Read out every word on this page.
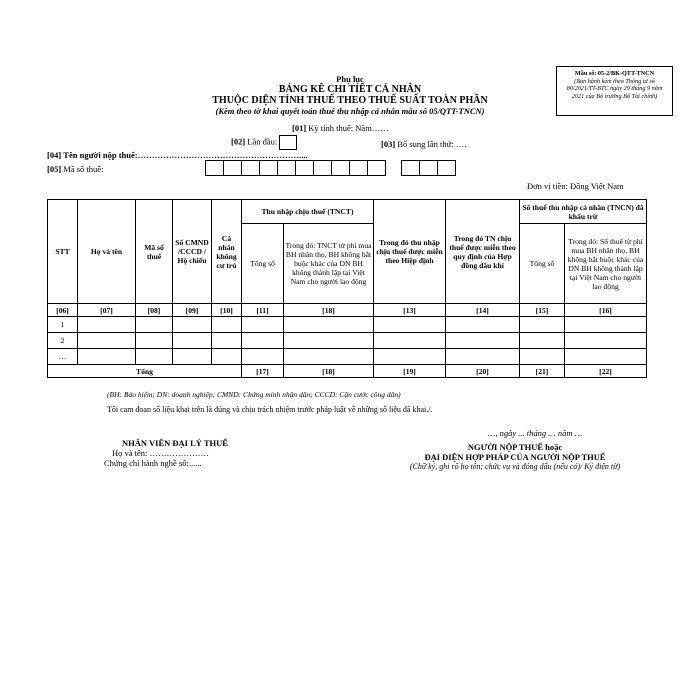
Mẫu số: 05-2/BK-QTT-TNCN
(Ban hành kèm theo Thông tư số
80/2021/TT-BTC ngày 29 tháng 9 năm
2021 của Bộ trưởng Bộ Tài chính)
Phụ lục
BẢNG KÊ CHI TIẾT CÁ NHÂN
THUỘC DIỆN TÍNH THUẾ THEO THUẾ SUẤT TOÀN PHẦN
(Kèm theo tờ khai quyết toán thuế thu nhập cá nhân mẫu số 05/QTT-TNCN)
[01] Kỳ tính thuế: Năm……
[02] Lần đầu:	[03] Bổ sung lần thứ: ….
[04] Tên người nộp thuế:…………………………………………………....
[05] Mã số thuế:
Đơn vị tiền: Đồng Việt Nam
STT	Họ và tên	Mã số thuế	Số CMND /CCCD / Hộ chiếu	Cá nhân không cư trú	Thu nhập chịu thuế (TNCT)		Trong đó thu nhập chịu thuế được miễn theo Hiệp định	Trong đó TN chịu thuế được miễn theo quy định của Hợp đồng dầu khí	Số thuế thu nhập cá nhân (TNCN) đã khấu trừ	
					Tổng số	Trong đó: TNCT từ phí mua BH nhân thọ, BH không bắt buộc khác của DN BH không thành lập tại Việt Nam cho người lao động			Tổng số	Trong đó: Số thuế từ phí mua BH nhân thọ, BH không bắt buộc khác của DN BH không thành lập tại Việt Nam cho người lao động
[06]	[07]	[08]	[09]	[10]	[11]	[18]	[13]	[14]	[15]	[16]
1										
2										
…										
Tổng					[17]	[18]	[19]	[20]	[21]	[22]
(BH: Bảo hiểm; DN: doanh nghiệp; CMND: Chứng minh nhân dân; CCCD: Căn cước công dân)
Tôi cam đoan số liệu khai trên là đúng và chịu trách nhiệm trước pháp luật về những số liệu đã khai./.
…, ngày ... tháng … năm …
NHÂN VIÊN ĐẠI LÝ THUẾ
Họ và tên: …………………
Chứng chỉ hành nghề số:......
NGƯỜI NỘP THUẾ hoặc
ĐẠI DIỆN HỢP PHÁP CỦA NGƯỜI NỘP THUẾ
(Chữ ký, ghi rõ họ tên; chức vụ và đóng dấu (nếu có)/ Ký điện tử)
